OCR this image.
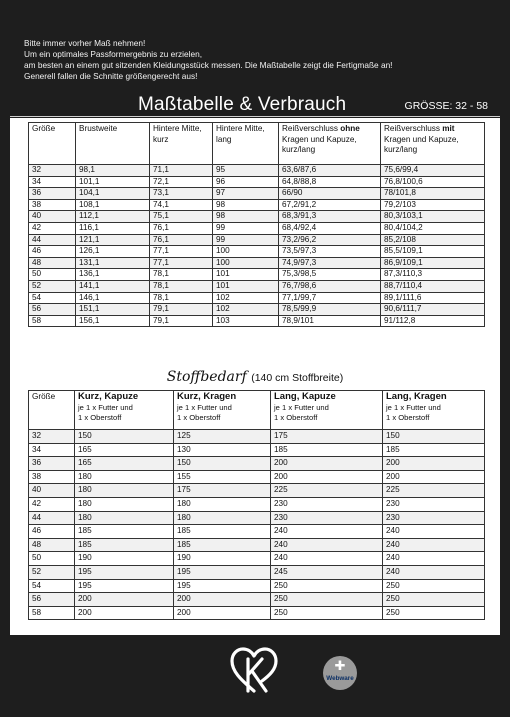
Bitte immer vorher Maß nehmen!
Um ein optimales Passformergebnis zu erzielen,
am besten an einem gut sitzenden Kleidungsstück messen. Die Maßtabelle zeigt die Fertigmaße an!
Generell fallen die Schnitte größengerecht aus!
Maßtabelle & Verbrauch	GRÖSSE: 32 - 58
Größe	Brustweite	Hintere Mitte, kurz	Hintere Mitte, lang	Reißverschluss ohne
Kragen und Kapuze, kurz/lang	Reißverschluss mit
Kragen und Kapuze, kurz/lang
32	98,1	71,1	95	63,6/87,6	75,6/99,4
34	101,1	72,1	96	64,8/88,8	76,8/100,6
36	104,1	73,1	97	66/90	78/101,8
38	108,1	74,1	98	67,2/91,2	79,2/103
40	112,1	75,1	98	68,3/91,3	80,3/103,1
42	116,1	76,1	99	68,4/92,4	80,4/104,2
44	121,1	76,1	99	73,2/96,2	85,2/108
46	126,1	77,1	100	73,5/97,3	85,5/109,1
48	131,1	77,1	100	74,9/97,3	86,9/109,1
50	136,1	78,1	101	75,3/98,5	87,3/110,3
52	141,1	78,1	101	76,7/98,6	88,7/110,4
54	146,1	78,1	102	77,1/99,7	89,1/111,6
56	151,1	79,1	102	78,5/99,9	90,6/111,7
58	156,1	79,1	103	78,9/101	91/112,8
Stoffbedarf (140 cm Stoffbreite)
Größe	Kurz, Kapuze
je 1 x Futter und
1 x Oberstoff	Kurz, Kragen
je 1 x Futter und
1 x Oberstoff	Lang, Kapuze
je 1 x Futter und
1 x Oberstoff	Lang, Kragen
je 1 x Futter und
1 x Oberstoff

32	150	125	175	150
34	165	130	185	185
36	165	150	200	200
38	180	155	200	200
40	180	175	225	225
42	180	180	230	230
44	180	180	230	230
46	185	185	240	240
48	185	185	240	240
50	190	190	240	240
52	195	195	245	240
54	195	195	250	250
56	200	200	250	250
58	200	200	250	250
✚
Webware
